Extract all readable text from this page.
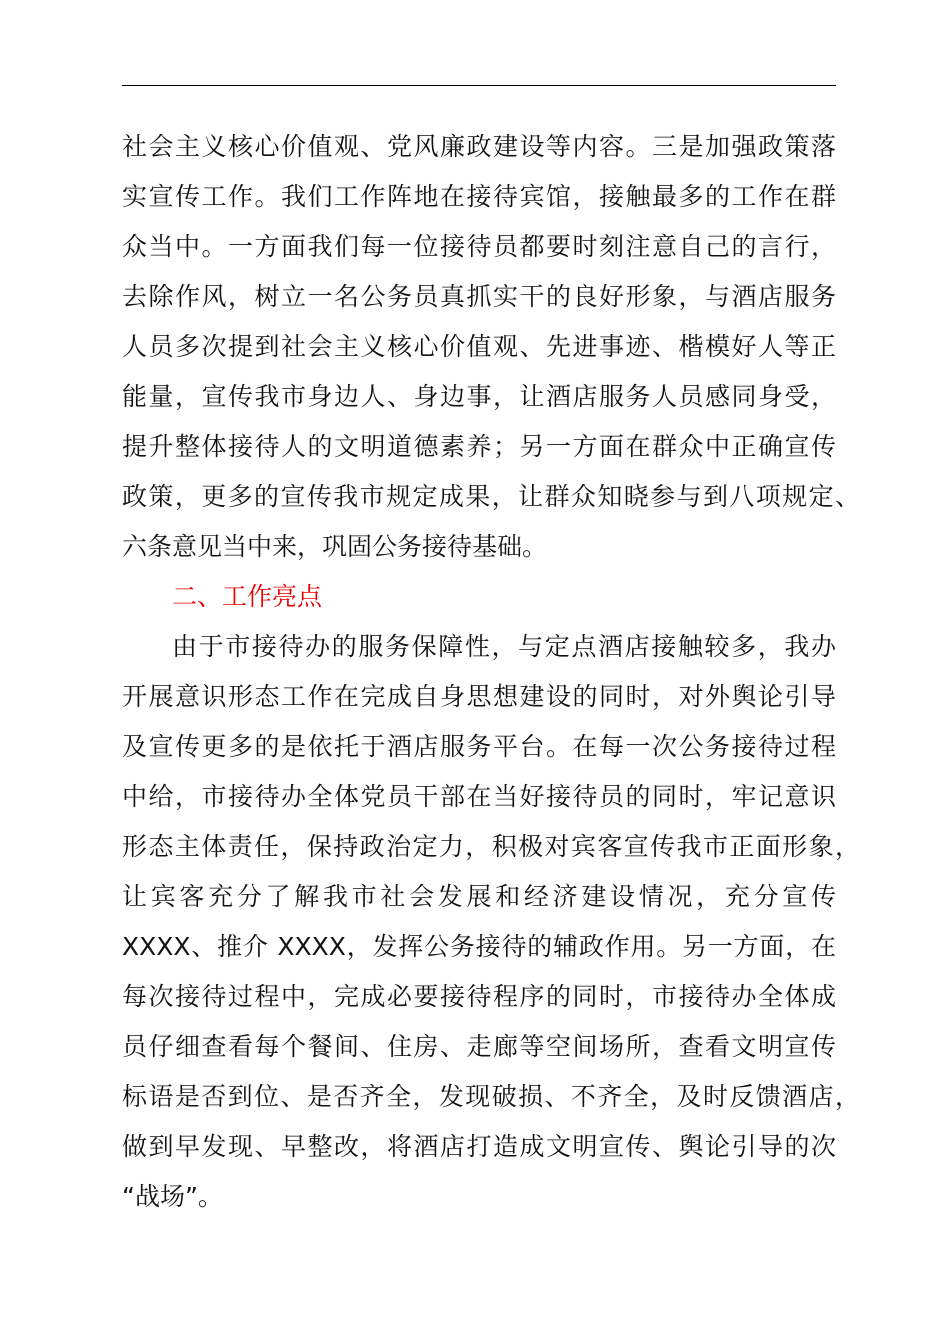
社会主义核心价值观、党风廉政建设等内容。三是加强政策落
实宣传工作。我们工作阵地在接待宾馆，接触最多的工作在群
众当中。一方面我们每一位接待员都要时刻注意自己的言行，
去除作风，树立一名公务员真抓实干的良好形象，与酒店服务
人员多次提到社会主义核心价值观、先进事迹、楷模好人等正
能量，宣传我市身边人、身边事，让酒店服务人员感同身受，
提升整体接待人的文明道德素养；另一方面在群众中正确宣传
政策，更多的宣传我市规定成果，让群众知晓参与到八项规定、
六条意见当中来，巩固公务接待基础。
二、工作亮点
由于市接待办的服务保障性，与定点酒店接触较多，我办
开展意识形态工作在完成自身思想建设的同时，对外舆论引导
及宣传更多的是依托于酒店服务平台。在每一次公务接待过程
中给，市接待办全体党员干部在当好接待员的同时，牢记意识
形态主体责任，保持政治定力，积极对宾客宣传我市正面形象，
让宾客充分了解我市社会发展和经济建设情况，充分宣传
XXXX、推介 XXXX，发挥公务接待的辅政作用。另一方面，在
每次接待过程中，完成必要接待程序的同时，市接待办全体成
员仔细查看每个餐间、住房、走廊等空间场所，查看文明宣传
标语是否到位、是否齐全，发现破损、不齐全，及时反馈酒店，
做到早发现、早整改，将酒店打造成文明宣传、舆论引导的次
“战场”。
